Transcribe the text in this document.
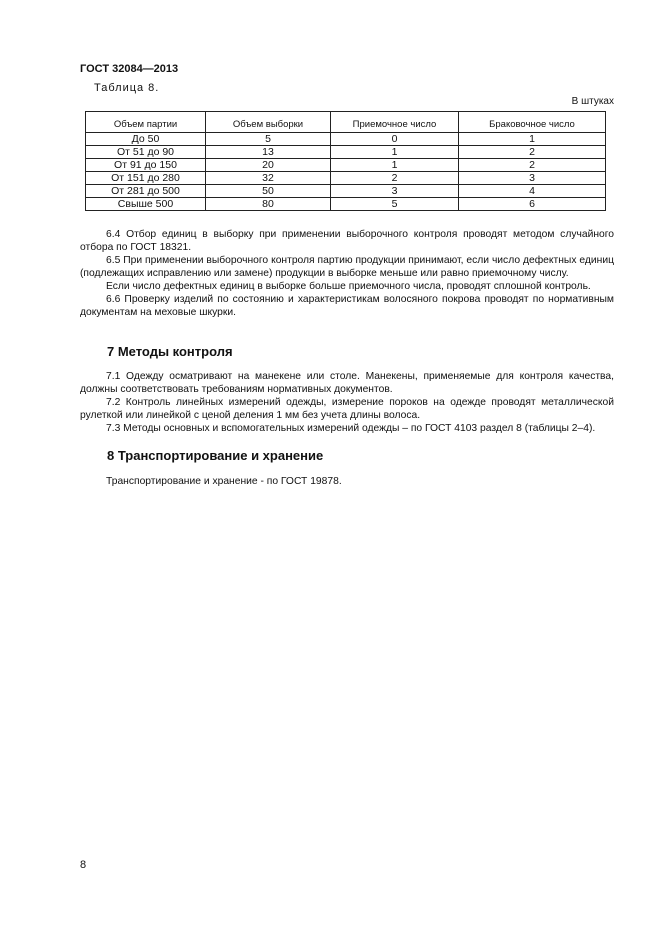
ГОСТ 32084—2013
Таблица 8.
В штуках
Объем партии	Объем выборки	Приемочное число	Браковочное число
До 50	5	0	1
От 51 до 90	13	1	2
От 91 до 150	20	1	2
От 151 до 280	32	2	3
От 281 до 500	50	3	4
Свыше 500	80	5	6

6.4 Отбор единиц в выборку при применении выборочного контроля проводят методом случайного отбора по ГОСТ 18321.

6.5 При применении выборочного контроля партию продукции принимают, если число дефектных единиц (подлежащих исправлению или замене) продукции в выборке меньше или равно приемочному числу.

Если число дефектных единиц в выборке больше приемочного числа, проводят сплошной контроль.

6.6 Проверку изделий по состоянию и характеристикам волосяного покрова проводят по нормативным документам на меховые шкурки.

7 Методы контроля

7.1 Одежду осматривают на манекене или столе. Манекены, применяемые для контроля качества, должны соответствовать требованиям нормативных документов.

7.2 Контроль линейных измерений одежды, измерение пороков на одежде проводят металлической рулеткой или линейкой с ценой деления 1 мм без учета длины волоса.

7.3 Методы основных и вспомогательных измерений одежды – по ГОСТ 4103 раздел 8 (таблицы 2–4).

8 Транспортирование и хранение

Транспортирование и хранение - по ГОСТ 19878.

8
